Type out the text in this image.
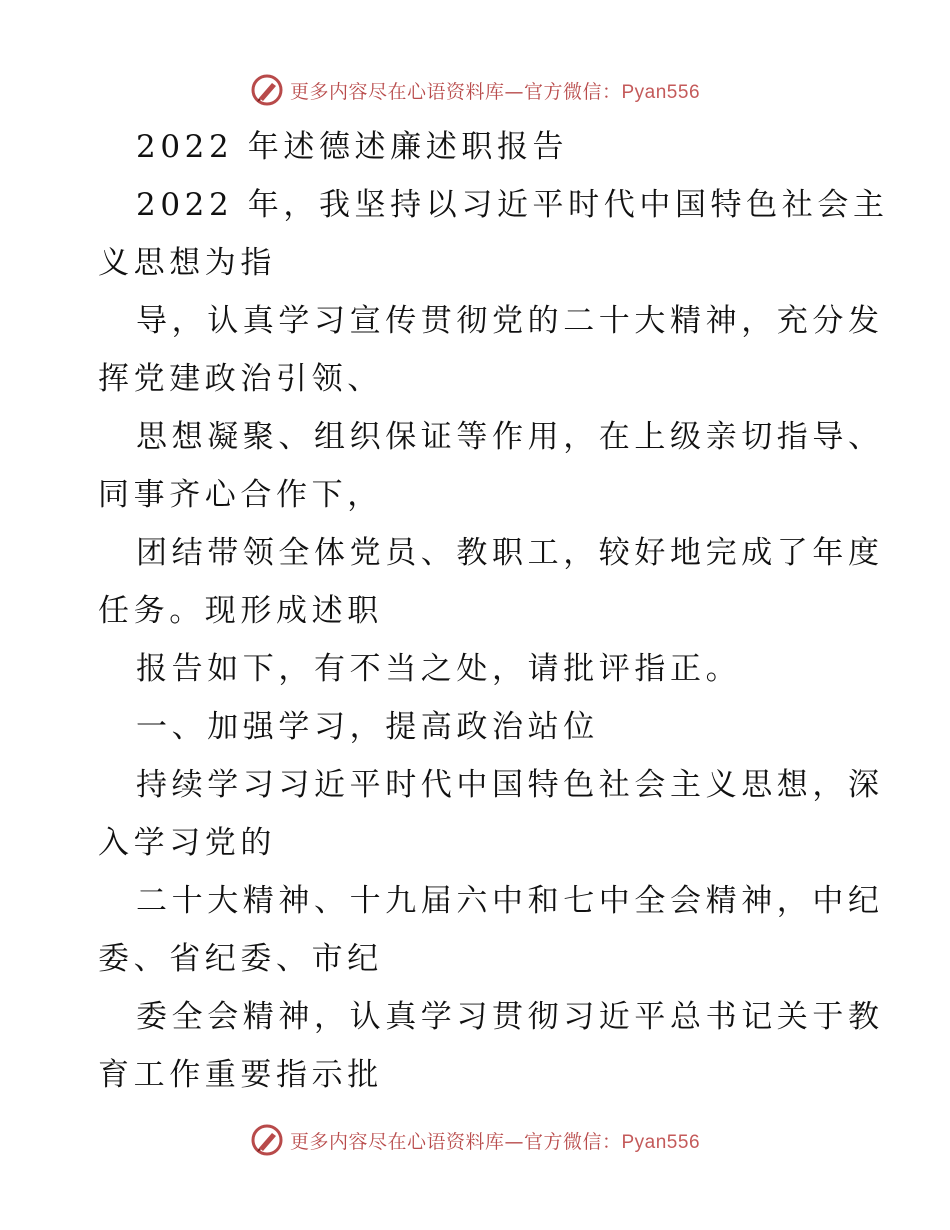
更多内容尽在心语资料库—官方微信：Pyan556
2022 年述德述廉述职报告
2022 年，我坚持以习近平时代中国特色社会主
义思想为指
导，认真学习宣传贯彻党的二十大精神，充分发
挥党建政治引领、
思想凝聚、组织保证等作用，在上级亲切指导、
同事齐心合作下，
团结带领全体党员、教职工，较好地完成了年度
任务。现形成述职
报告如下，有不当之处，请批评指正。
一、加强学习，提高政治站位
持续学习习近平时代中国特色社会主义思想，深
入学习党的
二十大精神、十九届六中和七中全会精神，中纪
委、省纪委、市纪
委全会精神，认真学习贯彻习近平总书记关于教
育工作重要指示批
更多内容尽在心语资料库—官方微信：Pyan556
